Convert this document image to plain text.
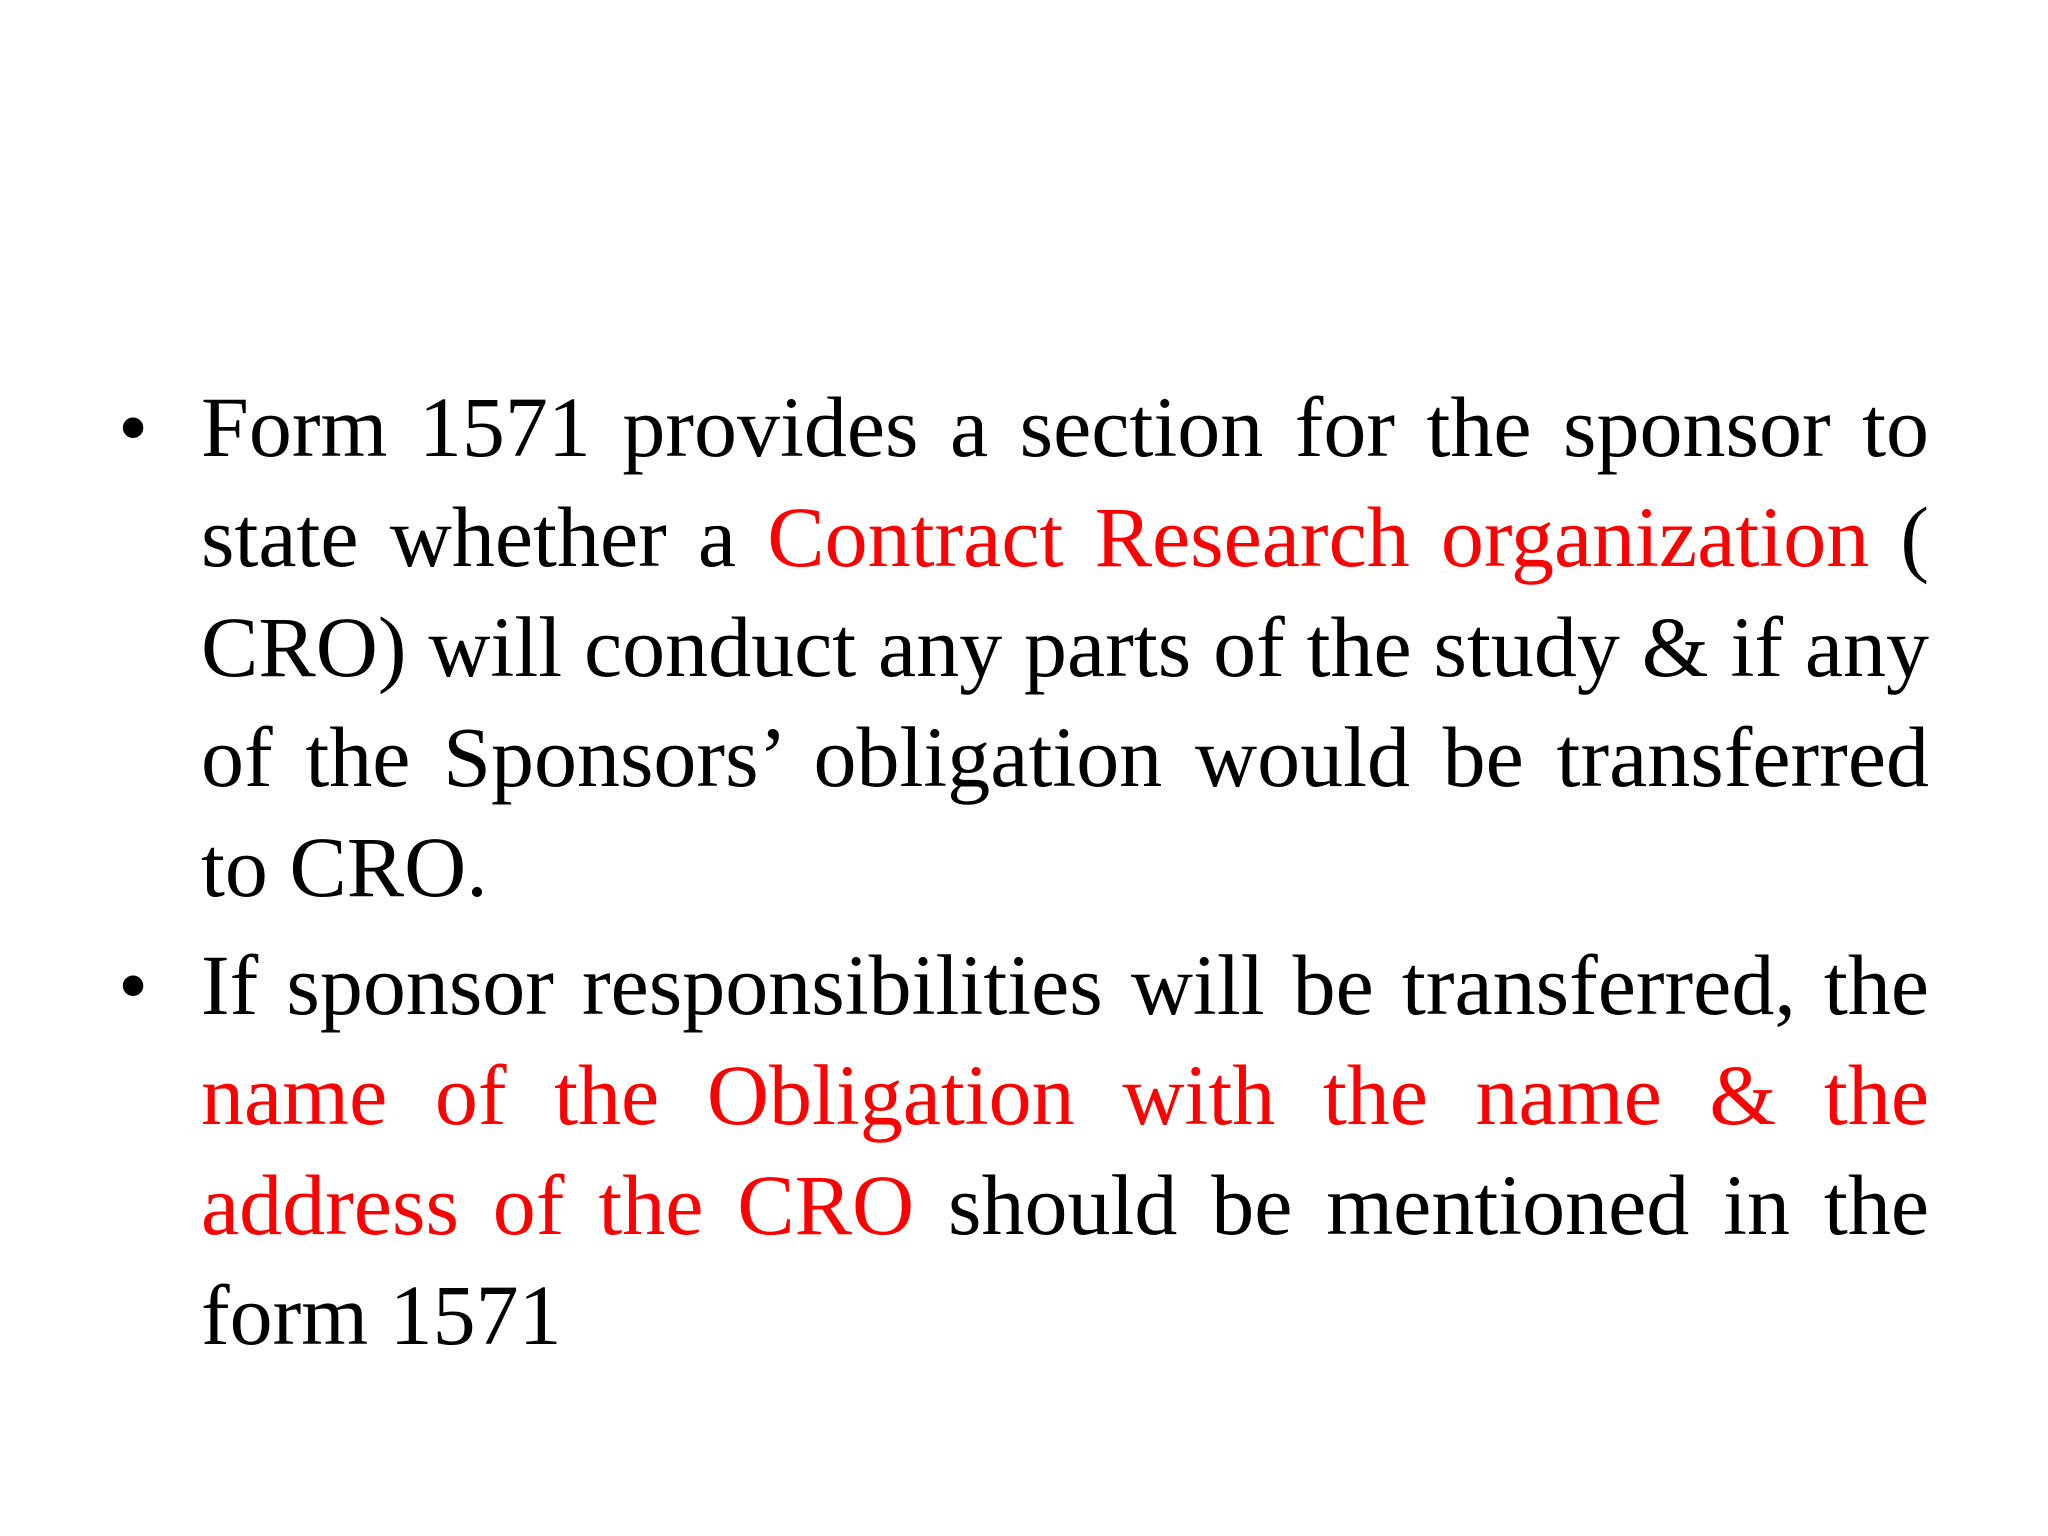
• Form 1571 provides a section for the sponsor to state whether a Contract Research organization ( CRO) will conduct any parts of the study & if any of the Sponsors’ obligation would be transferred to CRO.
• If sponsor responsibilities will be transferred, the name of the Obligation with the name & the address of the CRO should be mentioned in the form 1571
